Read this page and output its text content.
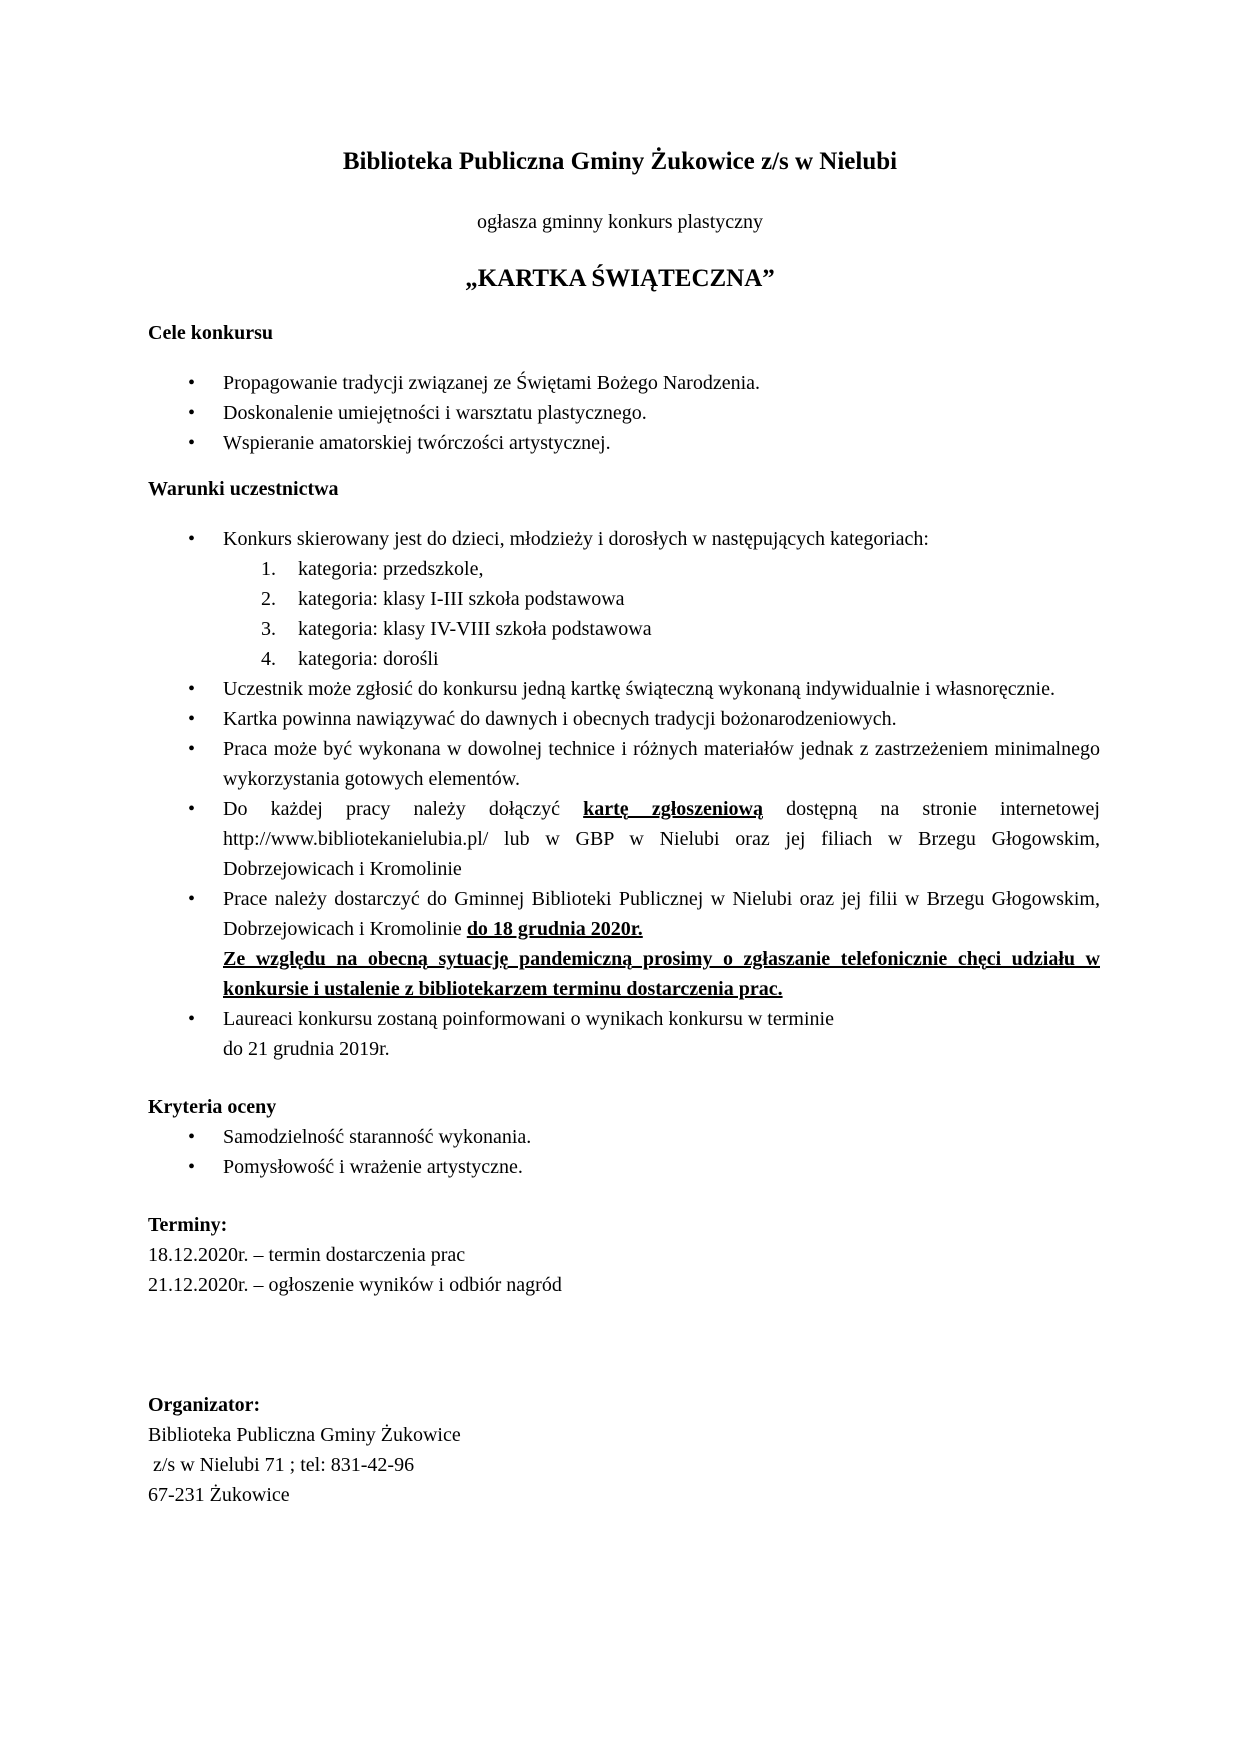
Biblioteka Publiczna Gminy Żukowice z/s w Nielubi

ogłasza gminny konkurs plastyczny

„KARTKA ŚWIĄTECZNA”

Cele konkursu

• Propagowanie tradycji związanej ze Świętami Bożego Narodzenia.
• Doskonalenie umiejętności i warsztatu plastycznego.
• Wspieranie amatorskiej twórczości artystycznej.

Warunki uczestnictwa

• Konkurs skierowany jest do dzieci, młodzieży i dorosłych w następujących kategoriach:
1. kategoria: przedszkole,
2. kategoria: klasy I-III szkoła podstawowa
3. kategoria: klasy IV-VIII szkoła podstawowa
4. kategoria: dorośli
• Uczestnik może zgłosić do konkursu jedną kartkę świąteczną wykonaną indywidualnie i własnoręcznie.
• Kartka powinna nawiązywać do dawnych i obecnych tradycji bożonarodzeniowych.
• Praca może być wykonana w dowolnej technice i różnych materiałów jednak z zastrzeżeniem minimalnego wykorzystania gotowych elementów.
• Do każdej pracy należy dołączyć kartę zgłoszeniową dostępną na stronie internetowej http://www.bibliotekanielubia.pl/ lub w GBP w Nielubi oraz jej filiach w Brzegu Głogowskim, Dobrzejowicach i Kromolinie
• Prace należy dostarczyć do Gminnej Biblioteki Publicznej w Nielubi oraz jej filii w Brzegu Głogowskim, Dobrzejowicach i Kromolinie do 18 grudnia 2020r.
Ze względu na obecną sytuację pandemiczną prosimy o zgłaszanie telefonicznie chęci udziału w konkursie i ustalenie z bibliotekarzem terminu dostarczenia prac.
• Laureaci konkursu zostaną poinformowani o wynikach konkursu w terminie
do 21 grudnia 2019r.

Kryteria oceny

• Samodzielność staranność wykonania.
• Pomysłowość i wrażenie artystyczne.

Terminy:

18.12.2020r. – termin dostarczenia prac

21.12.2020r. – ogłoszenie wyników i odbiór nagród

Organizator:

Biblioteka Publiczna Gminy Żukowice

z/s w Nielubi 71 ; tel: 831-42-96

67-231 Żukowice
